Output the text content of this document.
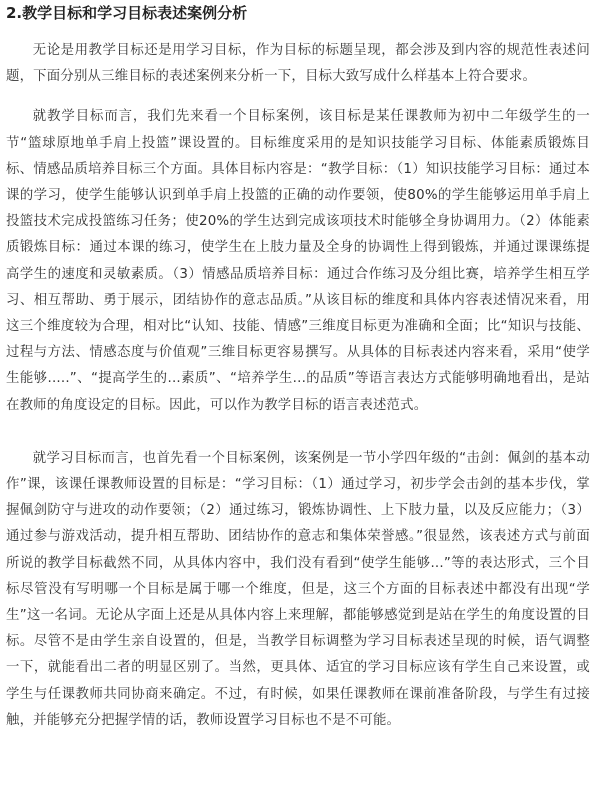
2.教学目标和学习目标表述案例分析

无论是用教学目标还是用学习目标，作为目标的标题呈现，都会涉及到内容的规范性表述问题，下面分别从三维目标的表述案例来分析一下，目标大致写成什么样基本上符合要求。

就教学目标而言，我们先来看一个目标案例，该目标是某任课教师为初中二年级学生的一节“篮球原地单手肩上投篮”课设置的。目标维度采用的是知识技能学习目标、体能素质锻炼目标、情感品质培养目标三个方面。具体目标内容是：“教学目标：（1）知识技能学习目标：通过本课的学习，使学生能够认识到单手肩上投篮的正确的动作要领，使80%的学生能够运用单手肩上投篮技术完成投篮练习任务；使20%的学生达到完成该项技术时能够全身协调用力。（2）体能素质锻炼目标：通过本课的练习，使学生在上肢力量及全身的协调性上得到锻炼，并通过课课练提高学生的速度和灵敏素质。（3）情感品质培养目标：通过合作练习及分组比赛，培养学生相互学习、相互帮助、勇于展示，团结协作的意志品质。”从该目标的维度和具体内容表述情况来看，用这三个维度较为合理，相对比“认知、技能、情感”三维度目标更为准确和全面；比“知识与技能、过程与方法、情感态度与价值观”三维目标更容易撰写。从具体的目标表述内容来看，采用“使学生能够.....”、“提高学生的...素质”、“培养学生...的品质”等语言表达方式能够明确地看出，是站在教师的角度设定的目标。因此，可以作为教学目标的语言表述范式。

就学习目标而言，也首先看一个目标案例，该案例是一节小学四年级的“击剑：佩剑的基本动作”课，该课任课教师设置的目标是：“学习目标：（1）通过学习，初步学会击剑的基本步伐，掌握佩剑防守与进攻的动作要领；（2）通过练习，锻炼协调性、上下肢力量，以及反应能力；（3）通过参与游戏活动，提升相互帮助、团结协作的意志和集体荣誉感。”很显然，该表述方式与前面所说的教学目标截然不同，从具体内容中，我们没有看到“使学生能够...”等的表达形式，三个目标尽管没有写明哪一个目标是属于哪一个维度，但是，这三个方面的目标表述中都没有出现“学生”这一名词。无论从字面上还是从具体内容上来理解，都能够感觉到是站在学生的角度设置的目标。尽管不是由学生亲自设置的，但是，当教学目标调整为学习目标表述呈现的时候，语气调整一下，就能看出二者的明显区别了。当然，更具体、适宜的学习目标应该有学生自己来设置，或学生与任课教师共同协商来确定。不过，有时候，如果任课教师在课前准备阶段，与学生有过接触，并能够充分把握学情的话，教师设置学习目标也不是不可能。
